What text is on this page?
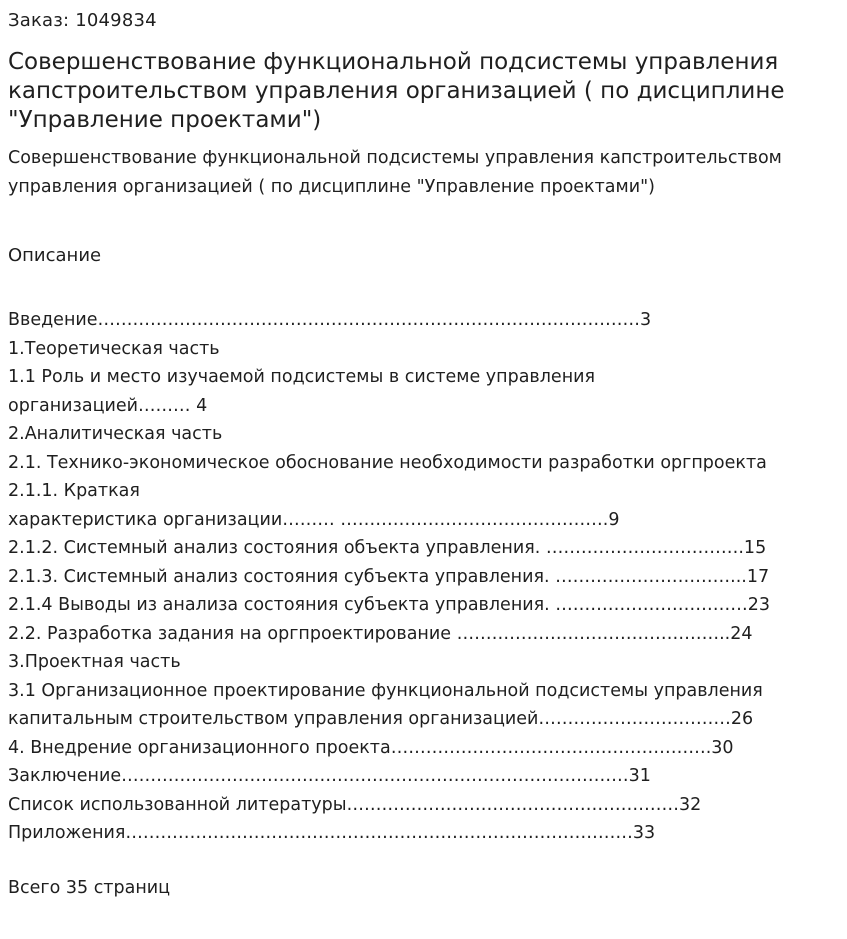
Заказ: 1049834
Совершенствование функциональной подсистемы управления капстроительством управления организацией ( по дисциплине "Управление проектами")
Совершенствование функциональной подсистемы управления капстроительством управления организацией ( по дисциплине "Управление проектами")
Описание
Введение…………………………………………………………………………………3
1.Теоретическая часть
1.1 Роль и место изучаемой подсистемы в системе управления
организацией……… 4
2.Аналитическая часть
2.1. Технико-экономическое обоснование необходимости разработки оргпроекта
2.1.1. Краткая
характеристика организации……… ……………………………………….9
2.1.2. Системный анализ состояния объекта управления. …………………………….15
2.1.3. Системный анализ состояния субъекта управления. …………………………...17
2.1.4 Выводы из анализа состояния субъекта управления. ……………………………23
2.2. Разработка задания на оргпроектирование ………………………………………..24
3.Проектная часть
3.1 Организационное проектирование функциональной подсистемы управления
капитальным строительством управления организацией……………………………26
4. Внедрение организационного проекта……………………………………………….30
Заключение……………………………………………………………………………31
Список использованной литературы…………………………………………………32
Приложения……………………………………………………………………………33
Всего 35 страниц
